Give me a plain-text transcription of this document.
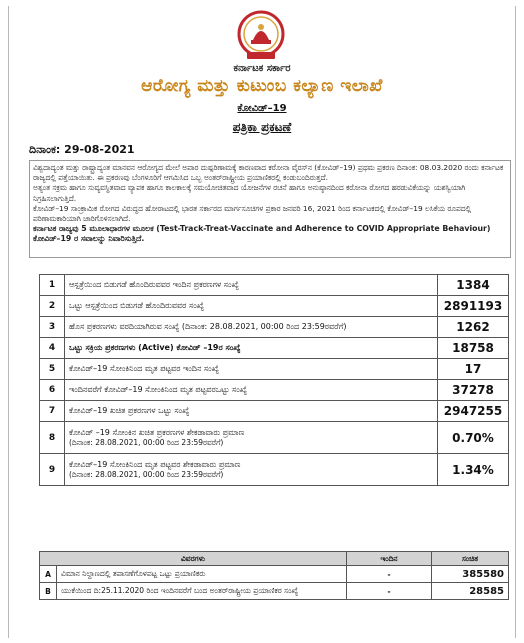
ಕರ್ನಾಟಕ ಸರ್ಕಾರ
ಆರೋಗ್ಯ ಮತ್ತು ಕುಟುಂಬ ಕಲ್ಯಾಣ ಇಲಾಖೆ
ಕೋವಿಡ್–19
ಪತ್ರಿಕಾ ಪ್ರಕಟಣೆ
ದಿನಾಂಕ: 29-08-2021

ವಿಶ್ವದಾದ್ಯಂತ ಮತ್ತು ರಾಷ್ಟ್ರಾದ್ಯಂತ ಮಾನವನ ಆರೋಗ್ಯದ ಮೇಲೆ ಅಪಾರ ದುಷ್ಪರಿಣಾಮಕ್ಕೆ ಕಾರಣವಾದ ಕರೋನಾ ವೈರಸ್‌ನ (ಕೋವಿಡ್–19) ಪ್ರಥಮ ಪ್ರಕರಣ ದಿನಾಂಕ: 08.03.2020 ರಂದು ಕರ್ನಾಟಕ ರಾಜ್ಯದಲ್ಲಿ ಪತ್ತೆಯಾಯಿತು. ಈ ಪ್ರಕರಣವು ಬೆಂಗಳೂರಿಗೆ ಆಗಮಿಸಿದ ಒಬ್ಬ ಅಂತರ್‌ರಾಷ್ಟ್ರೀಯ ಪ್ರಯಾಣಿಕರಲ್ಲಿ ಕಂಡುಬಂದಿರುತ್ತದೆ.

ಅತ್ಯಂತ ಸಕ್ರಮ ಹಾಗೂ ಸುವ್ಯವಸ್ಥಿತವಾದ ವ್ಯಾಪಕ ಹಾಗೂ ಕಾಲಕಾಲಕ್ಕೆ ಸಮಯೋಚಿತವಾದ ಯೋಜನೆಗಳ ರಚನೆ ಹಾಗೂ ಅನುಷ್ಠಾನದಿಂದ ಕರೋನಾ ರೋಗದ ಹರಡುವಿಕೆಯನ್ನು ಯಶಸ್ವಿಯಾಗಿ ನಿಗ್ರಹಿಸಲಾಗುತ್ತಿದೆ.

ಕೋವಿಡ್–19 ಸಾಂಕ್ರಾಮಿಕ ರೋಗದ ವಿರುದ್ಧದ ಹೋರಾಟದಲ್ಲಿ ಭಾರತ ಸರ್ಕಾರದ ಮಾರ್ಗಸೂಚಿಗಳ ಪ್ರಕಾರ ಜನವರಿ 16, 2021 ರಿಂದ ಕರ್ನಾಟಕದಲ್ಲಿ ಕೋವಿಡ್–19 ಲಸಿಕೆಯ ರೂಪದಲ್ಲಿ ಪರಿಣಾಮಕಾರಿಯಾಗಿ ಜಾರಿಗೊಳಿಸಲಾಗಿದೆ.

ಕರ್ನಾಟಕ ರಾಜ್ಯವು 5 ಮೂಲಾಧಾರಗಳ ಮೂಲಕ (Test-Track-Treat-Vaccinate and Adherence to COVID Appropriate Behaviour) ಕೋವಿಡ್–19 ರ ಸವಾಲನ್ನು ನಿವಾರಿಸುತ್ತಿದೆ.

1	ಆಸ್ಪತ್ರೆಯಿಂದ ಬಿಡುಗಡೆ ಹೊಂದಿರುವವರ ಇಂದಿನ ಪ್ರಕರಣಗಳ ಸಂಖ್ಯೆ	1384
2	ಒಟ್ಟು ಆಸ್ಪತ್ರೆಯಿಂದ ಬಿಡುಗಡೆ ಹೊಂದಿರುವವರ ಸಂಖ್ಯೆ	2891193
3	ಹೊಸ ಪ್ರಕರಣಗಳು ವರದಿಯಾಗಿರುವ ಸಂಖ್ಯೆ (ದಿನಾಂಕ: 28.08.2021, 00:00 ರಿಂದ 23:59ರವರೆಗೆ)	1262
4	ಒಟ್ಟು ಸಕ್ರಿಯ ಪ್ರಕರಣಗಳು (Active) ಕೋವಿಡ್ –19ರ ಸಂಖ್ಯೆ	18758
5	ಕೋವಿಡ್–19 ಸೋಂಕಿನಿಂದ ಮೃತ ಪಟ್ಟವರ ಇಂದಿನ ಸಂಖ್ಯೆ	17
6	ಇಂದಿನವರೆಗೆ ಕೋವಿಡ್–19 ಸೋಂಕಿನಿಂದ ಮೃತ ಪಟ್ಟವರಒಟ್ಟು ಸಂಖ್ಯೆ	37278
7	ಕೋವಿಡ್–19 ಖಚಿತ ಪ್ರಕರಣಗಳ ಒಟ್ಟು ಸಂಖ್ಯೆ	2947255
8	ಕೋವಿಡ್ –19 ಸೋಂಕಿನ ಖಚಿತ ಪ್ರಕರಣಗಳ ಶೇಕಡಾವಾರು ಪ್ರಮಾಣ
(ದಿನಾಂಕ: 28.08.2021, 00:00 ರಿಂದ 23:59ರವರೆಗೆ)	0.70%
9	ಕೋವಿಡ್–19 ಸೋಂಕಿನಿಂದ ಮೃತ ಪಟ್ಟವರ ಶೇಕಡಾವಾರು ಪ್ರಮಾಣ
(ದಿನಾಂಕ: 28.08.2021, 00:00 ರಿಂದ 23:59ರವರೆಗೆ)	1.34%
ವಿವರಗಳು		ಇಂದಿನ	ಸಂಚಿತ
A	ವಿಮಾನ ನಿಲ್ದಾಣದಲ್ಲಿ ತಪಾಸಣೆಗೊಳಪಟ್ಟ ಒಟ್ಟು ಪ್ರಯಾಣಿಕರು	-	385580
B	ಯುಕೆಯಿಂದ ದಿ:25.11.2020 ರಿಂದ ಇಂದಿನವರೆಗೆ ಬಂದ ಅಂತರ್‌ರಾಷ್ಟ್ರೀಯ ಪ್ರಯಾಣಿಕರ ಸಂಖ್ಯೆ	-	28585
